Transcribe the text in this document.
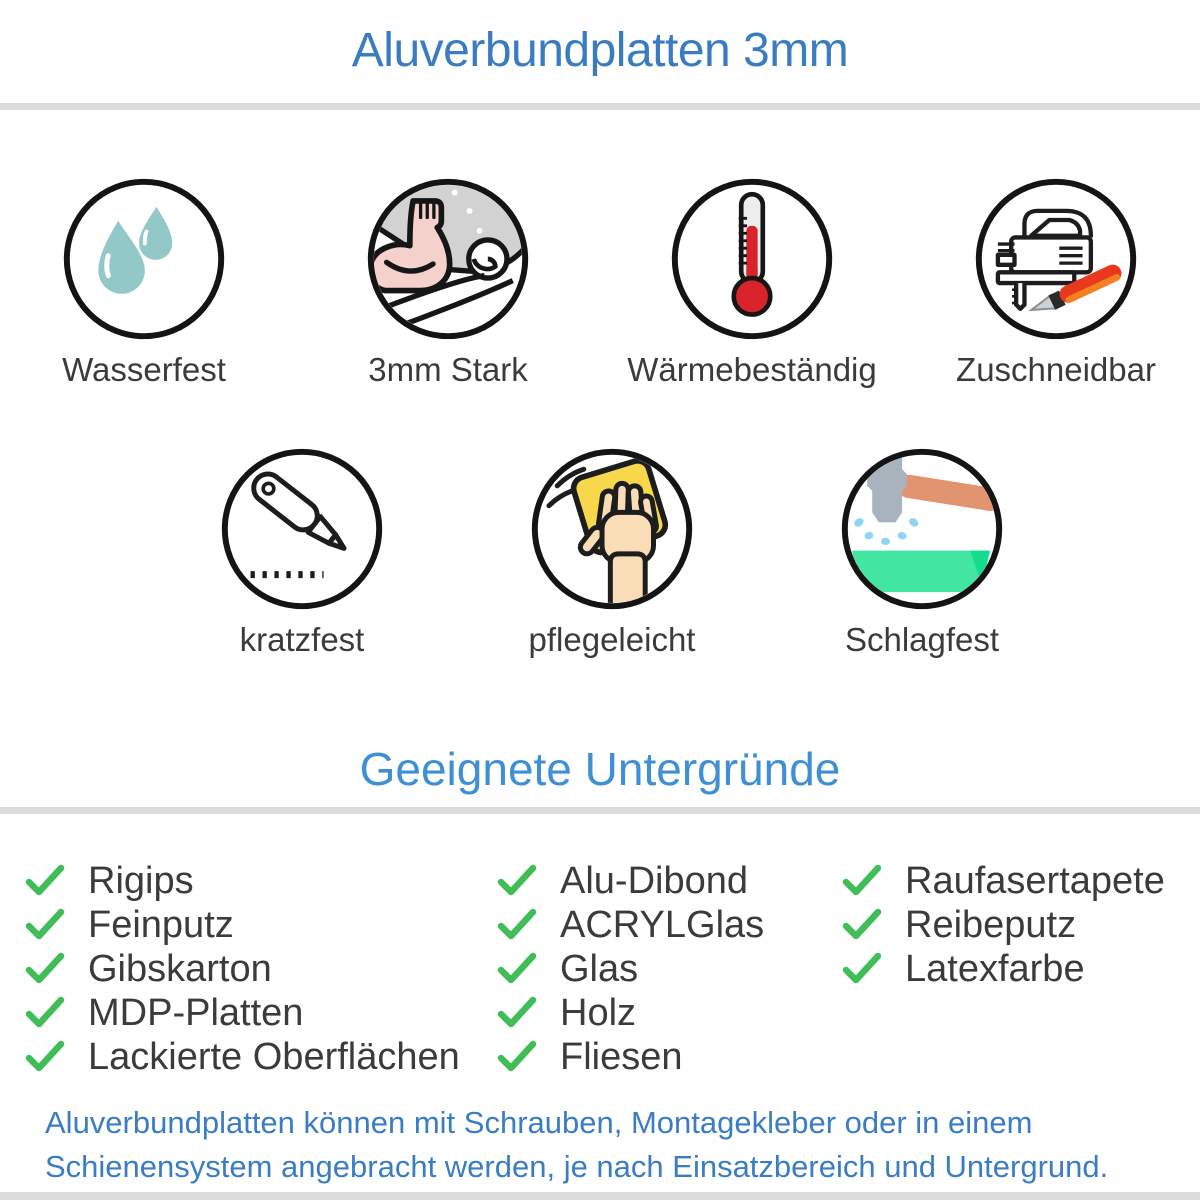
Aluverbundplatten 3mm
Wasserfest	3mm Stark	Wärmebeständig Zuschneidbar
kratzfest	pflegeleicht	Schlagfest
Geeignete Untergründe
Rigips
Feinputz
Gibskarton
MDP-Platten
Lackierte Oberflächen
Alu-Dibond
ACRYLGlas
Glas
Holz
Fliesen
Raufasertapete
Reibeputz
Latexfarbe
Aluverbundplatten können mit Schrauben, Montagekleber oder in einem
Schienensystem angebracht werden, je nach Einsatzbereich und Untergrund.
